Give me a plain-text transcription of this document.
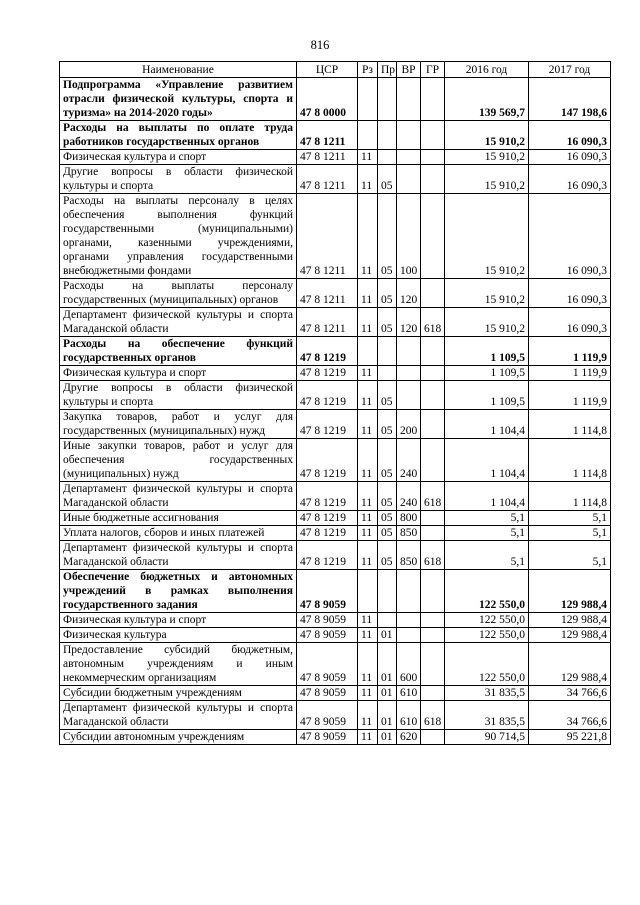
816
Наименование	ЦСР	Рз	Пр	ВР	ГР	2016 год	2017 год
Подпрограмма «Управление развитием отрасли физической культуры, спорта и туризма» на 2014-2020 годы»	47 8 0000					139 569,7	147 198,6
Расходы на выплаты по оплате труда работников государственных органов	47 8 1211					15 910,2	16 090,3
Физическая культура и спорт	47 8 1211	11				15 910,2	16 090,3
Другие вопросы в области физической культуры и спорта	47 8 1211	11	05			15 910,2	16 090,3
Расходы на выплаты персоналу в целях обеспечения выполнения функций государственными (муниципальными) органами, казенными учреждениями, органами управления государственными внебюджетными фондами	47 8 1211	11	05	100		15 910,2	16 090,3
Расходы на выплаты персоналу государственных (муниципальных) органов	47 8 1211	11	05	120		15 910,2	16 090,3
Департамент физической культуры и спорта Магаданской области	47 8 1211	11	05	120	618	15 910,2	16 090,3
Расходы на обеспечение функций государственных органов	47 8 1219					1 109,5	1 119,9
Физическая культура и спорт	47 8 1219	11				1 109,5	1 119,9
Другие вопросы в области физической культуры и спорта	47 8 1219	11	05			1 109,5	1 119,9
Закупка товаров, работ и услуг для государственных (муниципальных) нужд	47 8 1219	11	05	200		1 104,4	1 114,8
Иные закупки товаров, работ и услуг для обеспечения государственных (муниципальных) нужд	47 8 1219	11	05	240		1 104,4	1 114,8
Департамент физической культуры и спорта Магаданской области	47 8 1219	11	05	240	618	1 104,4	1 114,8
Иные бюджетные ассигнования	47 8 1219	11	05	800		5,1	5,1
Уплата налогов, сборов и иных платежей	47 8 1219	11	05	850		5,1	5,1
Департамент физической культуры и спорта Магаданской области	47 8 1219	11	05	850	618	5,1	5,1
Обеспечение бюджетных и автономных учреждений в рамках выполнения государственного задания	47 8 9059					122 550,0	129 988,4
Физическая культура и спорт	47 8 9059	11				122 550,0	129 988,4
Физическая культура	47 8 9059	11	01			122 550,0	129 988,4
Предоставление субсидий бюджетным, автономным учреждениям и иным некоммерческим организациям	47 8 9059	11	01	600		122 550,0	129 988,4
Субсидии бюджетным учреждениям	47 8 9059	11	01	610		31 835,5	34 766,6
Департамент физической культуры и спорта Магаданской области	47 8 9059	11	01	610	618	31 835,5	34 766,6
Субсидии автономным учреждениям	47 8 9059	11	01	620		90 714,5	95 221,8
